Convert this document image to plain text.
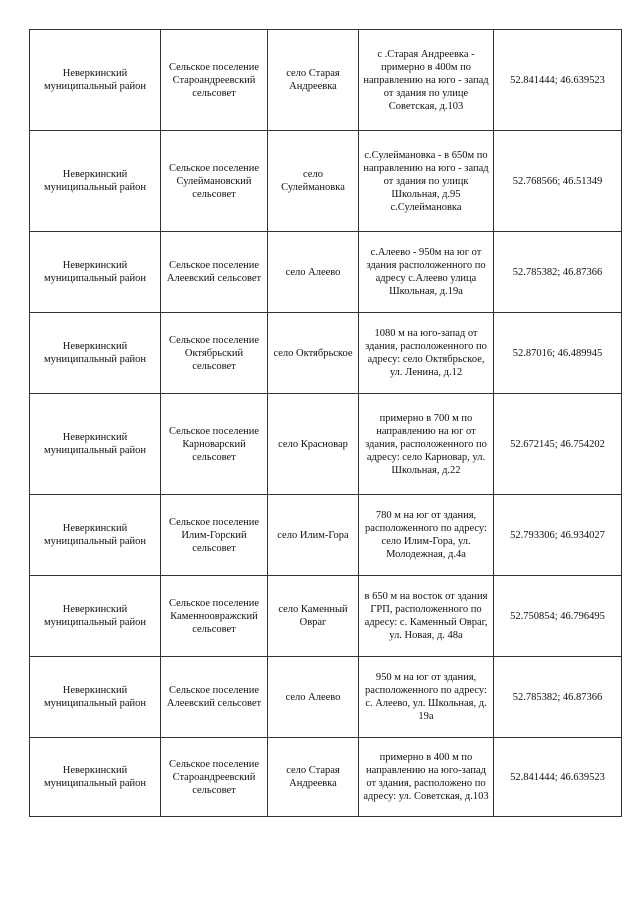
Неверкинский муниципальный район	Сельское поселение Староандреевский сельсовет	село Старая Андреевка	с .Старая Андреевка - примерно в 400м по направлению на юго - запад от здания по улице Советская, д.103	52.841444; 46.639523
Неверкинский муниципальный район	Сельское поселение Сулеймановский сельсовет	село Сулеймановка	с.Сулеймановка - в 650м по направлению на юго - запад от здания по улицк Школьная, д.95 с.Сулеймановка	52.768566; 46.51349
Неверкинский муниципальный район	Сельское поселение Алеевский сельсовет	село Алеево	с.Алеево - 950м на юг от здания расположенного по адресу с.Алеево улица Школьная, д.19а	52.785382; 46.87366
Неверкинский муниципальный район	Сельское поселение Октябрьский сельсовет	село Октябрьское	1080 м на юго-запад от здания, расположенного по адресу: село Октябрьское, ул. Ленина, д.12	52.87016; 46.489945
Неверкинский муниципальный район	Сельское поселение Карноварский сельсовет	село Красновар	примерно в 700 м по направлению на юг от здания, расположенного по адресу: село Карновар, ул. Школьная, д.22	52.672145; 46.754202
Неверкинский муниципальный район	Сельское поселение Илим-Горский сельсовет	село Илим-Гора	780 м на юг от здания, расположенного по адресу: село Илим-Гора, ул. Молодежная, д.4а	52.793306; 46.934027
Неверкинский муниципальный район	Сельское поселение Каменноовражский сельсовет	село Каменный Овраг	в 650 м на восток от здания ГРП, расположенного по адресу: с. Каменный Овраг, ул. Новая, д. 48а	52.750854; 46.796495
Неверкинский муниципальный район	Сельское поселение Алеевский сельсовет	село Алеево	950 м на юг от здания, расположенного по адресу: с. Алеево, ул. Школьная, д. 19а	52.785382; 46.87366
Неверкинский муниципальный район	Сельское поселение Староандреевский сельсовет	село Старая Андреевка	примерно в 400 м по направлению на юго-запад от здания, расположено по адресу: ул. Советская, д.103	52.841444; 46.639523
